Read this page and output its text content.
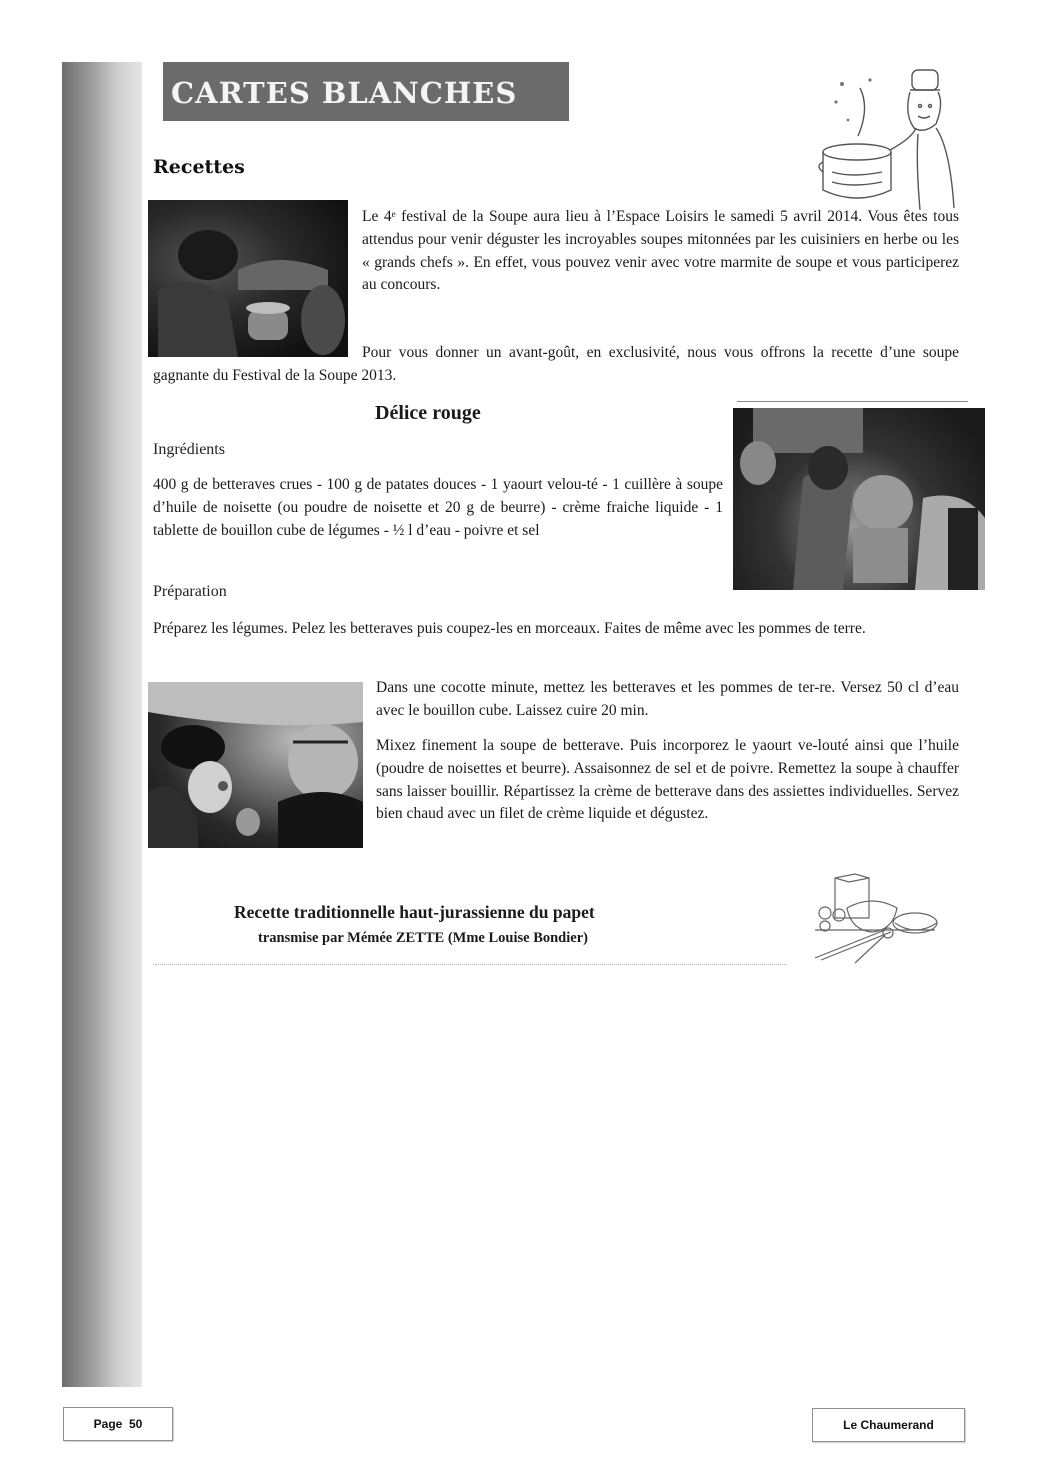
CARTES BLANCHES
Recettes
Le 4ᵉ festival de la Soupe aura lieu à l’Espace Loisirs le samedi 5 avril 2014. Vous êtes tous attendus pour venir déguster les incroyables soupes mitonnées par les cuisiniers en herbe ou les « grands chefs ». En effet, vous pouvez venir avec votre marmite de soupe et vous participerez au concours.
Pour vous donner un avant-goût, en exclusivité, nous vous offrons la recette d’une soupe gagnante du Festival de la Soupe 2013.
Délice rouge
Ingrédients
400 g de betteraves crues - 100 g de patates douces - 1 yaourt velou-té - 1 cuillère à soupe d’huile de noisette (ou poudre de noisette et 20 g de beurre) - crème fraiche liquide - 1 tablette de bouillon cube de légumes - ½ l d’eau - poivre et sel
Préparation
Préparez les légumes. Pelez les betteraves puis coupez-les en morceaux. Faites de même avec les pommes de terre.
Dans une cocotte minute, mettez les betteraves et les pommes de ter-re. Versez 50 cl d’eau avec le bouillon cube. Laissez cuire 20 min.
Mixez finement la soupe de betterave. Puis incorporez le yaourt ve-louté ainsi que l’huile (poudre de noisettes et beurre). Assaisonnez de sel et de poivre. Remettez la soupe à chauffer sans laisser bouillir. Répartissez la crème de betterave dans des assiettes individuelles. Servez bien chaud avec un filet de crème liquide et dégustez.
Recette traditionnelle haut-jurassienne du papet
transmise par Mémée ZETTE (Mme Louise Bondier)
Page  50	Le Chaumerand
